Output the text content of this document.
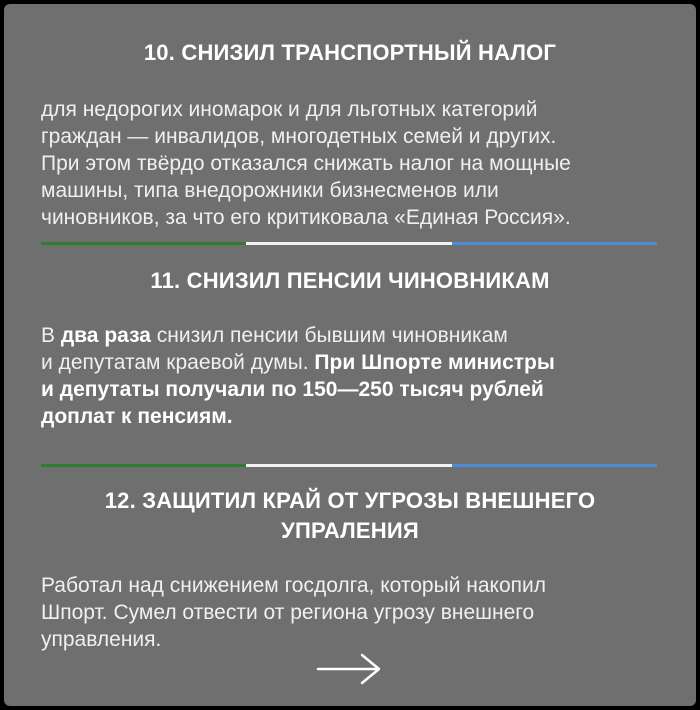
10. СНИЗИЛ ТРАНСПОРТНЫЙ НАЛОГ
для недорогих иномарок и для льготных категорий
граждан — инвалидов, многодетных семей и других.
При этом твёрдо отказался снижать налог на мощные
машины, типа внедорожники бизнесменов или
чиновников, за что его критиковала «Единая Россия».
11. СНИЗИЛ ПЕНСИИ ЧИНОВНИКАМ
В два раза снизил пенсии бывшим чиновникам
и депутатам краевой думы. При Шпорте министры
и депутаты получали по 150—250 тысяч рублей
доплат к пенсиям.
12. ЗАЩИТИЛ КРАЙ ОТ УГРОЗЫ ВНЕШНЕГО
УПРАЛЕНИЯ
Работал над снижением госдолга, который накопил
Шпорт. Сумел отвести от региона угрозу внешнего
управления.
